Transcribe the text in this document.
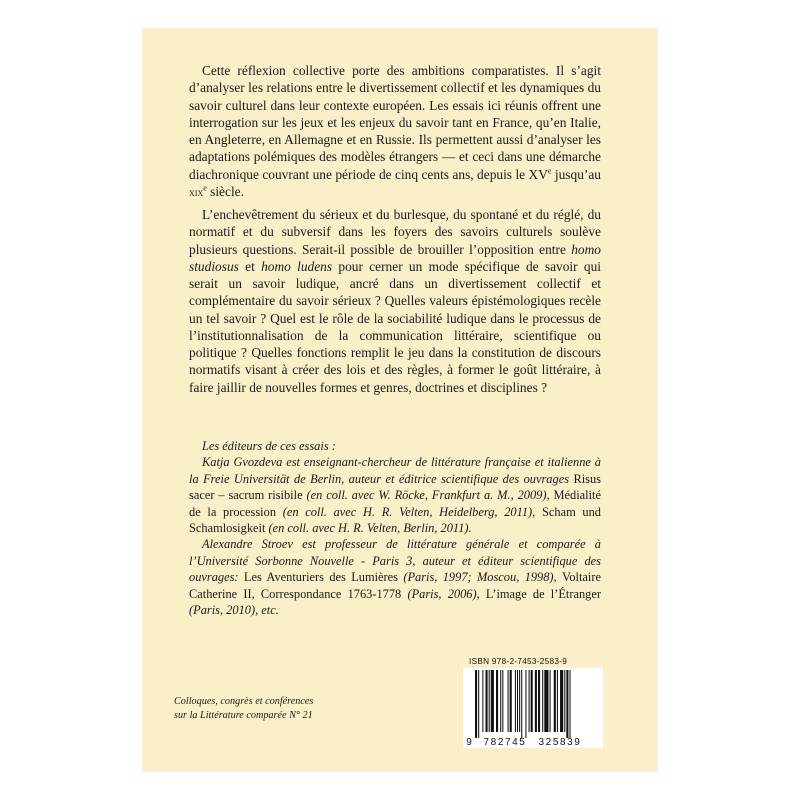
Cette réflexion collective porte des ambitions comparatistes. Il s’agit d’analyser les relations entre le divertissement collectif et les dynamiques du savoir culturel dans leur contexte européen. Les essais ici réunis offrent une interrogation sur les jeux et les enjeux du savoir tant en France, qu’en Italie, en Angleterre, en Allemagne et en Russie. Ils permettent aussi d’analyser les adaptations polémiques des modèles étrangers — et ceci dans une démarche diachronique couvrant une période de cinq cents ans, depuis le XVe jusqu’au xix$^e$ siècle.

L’enchevêtrement du sérieux et du burlesque, du spontané et du réglé, du normatif et du subversif dans les foyers des savoirs culturels soulève plusieurs questions. Serait-il possible de brouiller l’opposition entre homo studiosus et homo ludens pour cerner un mode spécifique de savoir qui serait un savoir ludique, ancré dans un divertissement collectif et complémentaire du savoir sérieux ? Quelles valeurs épistémologiques recèle un tel savoir ? Quel est le rôle de la sociabilité ludique dans le processus de l’institutionnalisation de la communication littéraire, scientifique ou politique ? Quelles fonctions remplit le jeu dans la constitution de discours normatifs visant à créer des lois et des règles, à former le goût littéraire, à faire jaillir de nouvelles formes et genres, doctrines et disciplines ?

Les éditeurs de ces essais :

Katja Gvozdeva est enseignant-chercheur de littérature française et italienne à la Freie Universität de Berlin, auteur et éditrice scientifique des ouvrages Risus sacer – sacrum risibile (en coll. avec W. Röcke, Frankfurt a. M., 2009), Médialité de la procession (en coll. avec H. R. Velten, Heidelberg, 2011), Scham und Schamlosigkeit (en coll. avec H. R. Velten, Berlin, 2011).

Alexandre Stroev est professeur de littérature générale et comparée à l’Université Sorbonne Nouvelle - Paris 3, auteur et éditeur scientifique des ouvrages: Les Aventuriers des Lumières (Paris, 1997; Moscou, 1998), Voltaire Catherine II, Correspondance 1763-1778 (Paris, 2006), L’image de l’Étranger (Paris, 2010), etc.

Colloques, congrès et conférences
sur la Littérature comparée N° 21
ISBN 978-2-7453-2583-9
9 782745 325839
